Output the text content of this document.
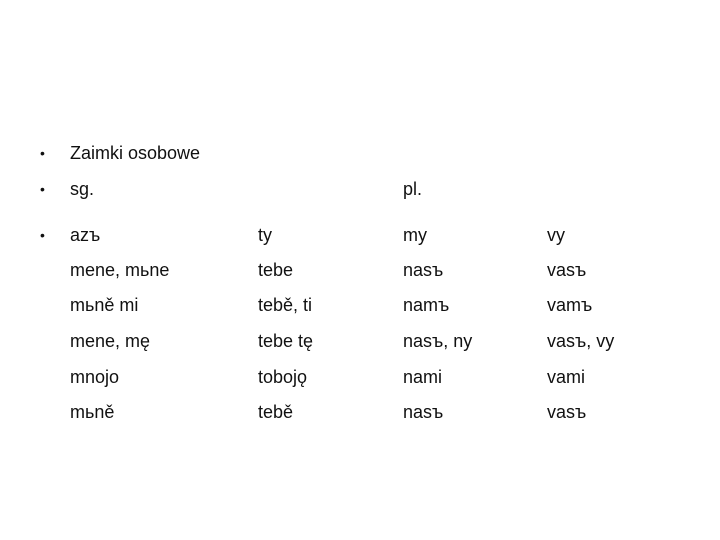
• Zaimki osobowe
• sg.	pl.
• azъ	ty	my	vy
mene, mьne	tebe	nasъ	vasъ
mьně mi	tebě, ti	namъ	vamъ
mene, mę	tebe tę	nasъ, ny	vasъ, vy
mnojo	tobojǫ	nami	vami
mьně	tebě	nasъ	vasъ
